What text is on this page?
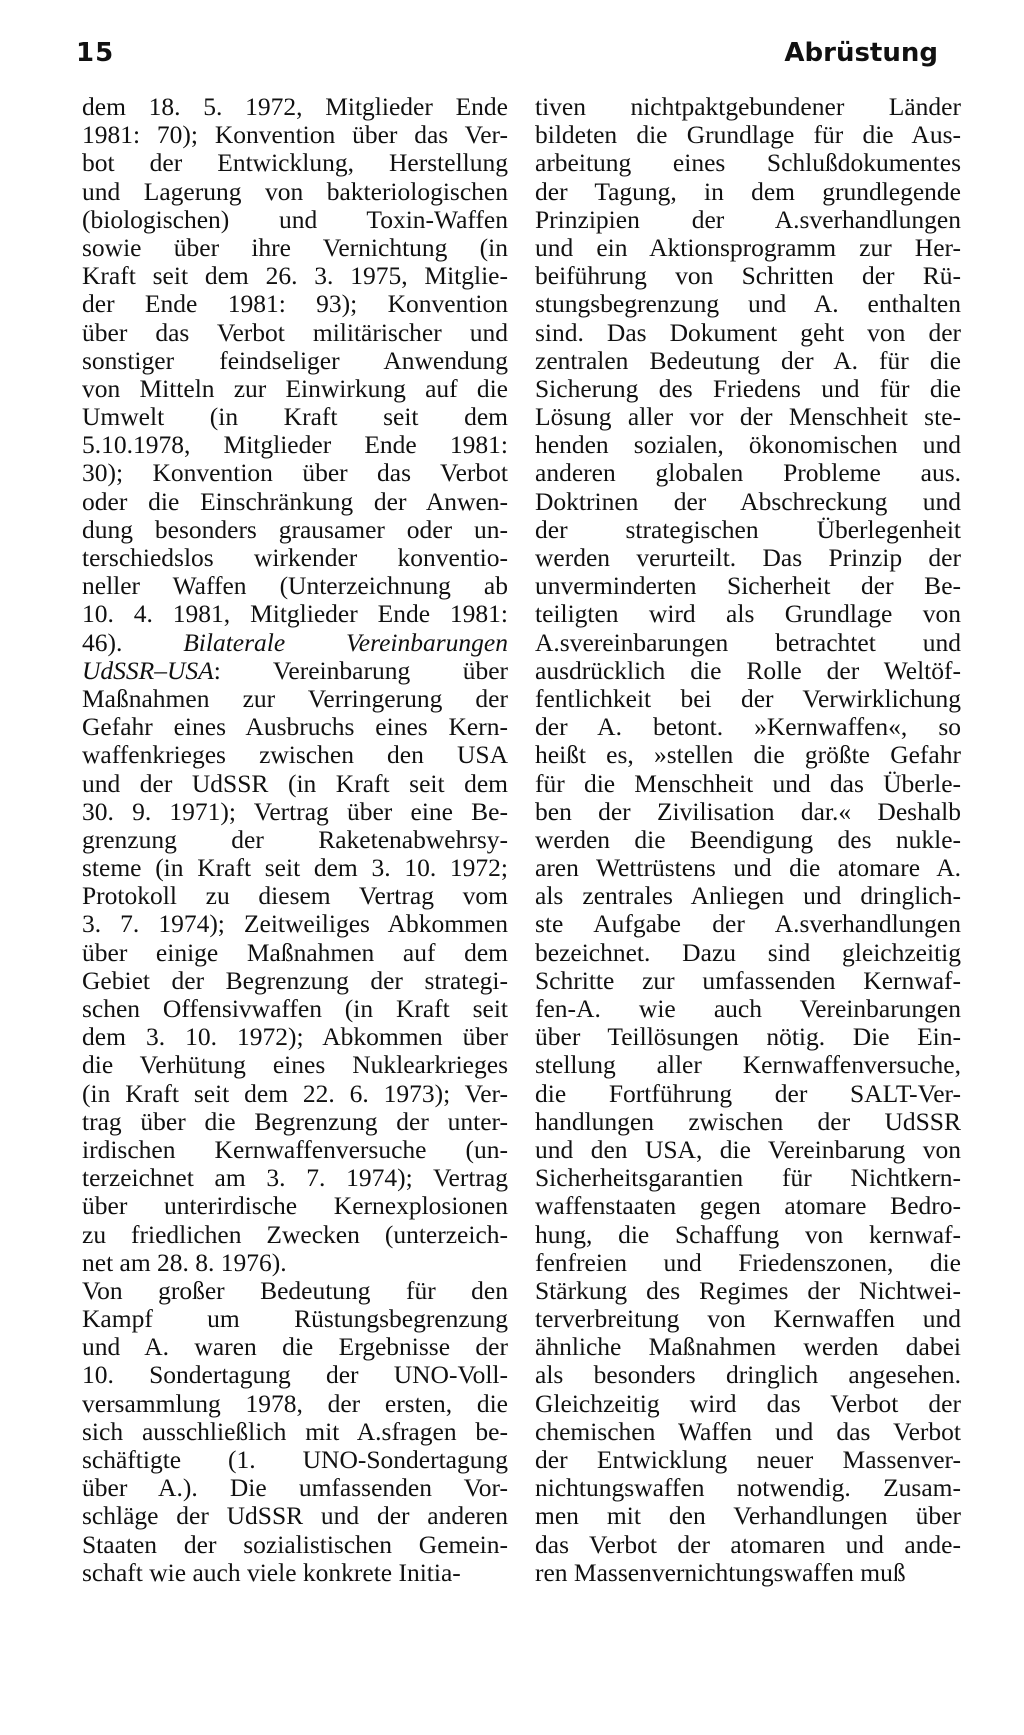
15	Abrüstung
dem 18. 5. 1972, Mitglieder Ende
1981: 70); Konvention über das Ver-
bot der Entwicklung, Herstellung
und Lagerung von bakteriologischen
(biologischen) und Toxin-Waffen
sowie über ihre Vernichtung (in
Kraft seit dem 26. 3. 1975, Mitglie-
der Ende 1981: 93); Konvention
über das Verbot militärischer und
sonstiger feindseliger Anwendung
von Mitteln zur Einwirkung auf die
Umwelt (in Kraft seit dem
5.10.1978, Mitglieder Ende 1981:
30); Konvention über das Verbot
oder die Einschränkung der Anwen-
dung besonders grausamer oder un-
terschiedslos wirkender konventio-
neller Waffen (Unterzeichnung ab
10. 4. 1981, Mitglieder Ende 1981:
46). Bilaterale Vereinbarungen
UdSSR–USA: Vereinbarung über
Maßnahmen zur Verringerung der
Gefahr eines Ausbruchs eines Kern-
waffenkrieges zwischen den USA
und der UdSSR (in Kraft seit dem
30. 9. 1971); Vertrag über eine Be-
grenzung der Raketenabwehrsy-
steme (in Kraft seit dem 3. 10. 1972;
Protokoll zu diesem Vertrag vom
3. 7. 1974); Zeitweiliges Abkommen
über einige Maßnahmen auf dem
Gebiet der Begrenzung der strategi-
schen Offensivwaffen (in Kraft seit
dem 3. 10. 1972); Abkommen über
die Verhütung eines Nuklearkrieges
(in Kraft seit dem 22. 6. 1973); Ver-
trag über die Begrenzung der unter-
irdischen Kernwaffenversuche (un-
terzeichnet am 3. 7. 1974); Vertrag
über unterirdische Kernexplosionen
zu friedlichen Zwecken (unterzeich-
net am 28. 8. 1976).
Von großer Bedeutung für den
Kampf um Rüstungsbegrenzung
und A. waren die Ergebnisse der
10. Sondertagung der UNO-Voll-
versammlung 1978, der ersten, die
sich ausschließlich mit A.sfragen be-
schäftigte (1. UNO-Sondertagung
über A.). Die umfassenden Vor-
schläge der UdSSR und der anderen
Staaten der sozialistischen Gemein-
schaft wie auch viele konkrete Initia-
tiven nichtpaktgebundener Länder
bildeten die Grundlage für die Aus-
arbeitung eines Schlußdokumentes
der Tagung, in dem grundlegende
Prinzipien der A.sverhandlungen
und ein Aktionsprogramm zur Her-
beiführung von Schritten der Rü-
stungsbegrenzung und A. enthalten
sind. Das Dokument geht von der
zentralen Bedeutung der A. für die
Sicherung des Friedens und für die
Lösung aller vor der Menschheit ste-
henden sozialen, ökonomischen und
anderen globalen Probleme aus.
Doktrinen der Abschreckung und
der strategischen Überlegenheit
werden verurteilt. Das Prinzip der
unverminderten Sicherheit der Be-
teiligten wird als Grundlage von
A.svereinbarungen betrachtet und
ausdrücklich die Rolle der Weltöf-
fentlichkeit bei der Verwirklichung
der A. betont. »Kernwaffen«, so
heißt es, »stellen die größte Gefahr
für die Menschheit und das Überle-
ben der Zivilisation dar.« Deshalb
werden die Beendigung des nukle-
aren Wettrüstens und die atomare A.
als zentrales Anliegen und dringlich-
ste Aufgabe der A.sverhandlungen
bezeichnet. Dazu sind gleichzeitig
Schritte zur umfassenden Kernwaf-
fen-A. wie auch Vereinbarungen
über Teillösungen nötig. Die Ein-
stellung aller Kernwaffenversuche,
die Fortführung der SALT-Ver-
handlungen zwischen der UdSSR
und den USA, die Vereinbarung von
Sicherheitsgarantien für Nichtkern-
waffenstaaten gegen atomare Bedro-
hung, die Schaffung von kernwaf-
fenfreien und Friedenszonen, die
Stärkung des Regimes der Nichtwei-
terverbreitung von Kernwaffen und
ähnliche Maßnahmen werden dabei
als besonders dringlich angesehen.
Gleichzeitig wird das Verbot der
chemischen Waffen und das Verbot
der Entwicklung neuer Massenver-
nichtungswaffen notwendig. Zusam-
men mit den Verhandlungen über
das Verbot der atomaren und ande-
ren Massenvernichtungswaffen muß
